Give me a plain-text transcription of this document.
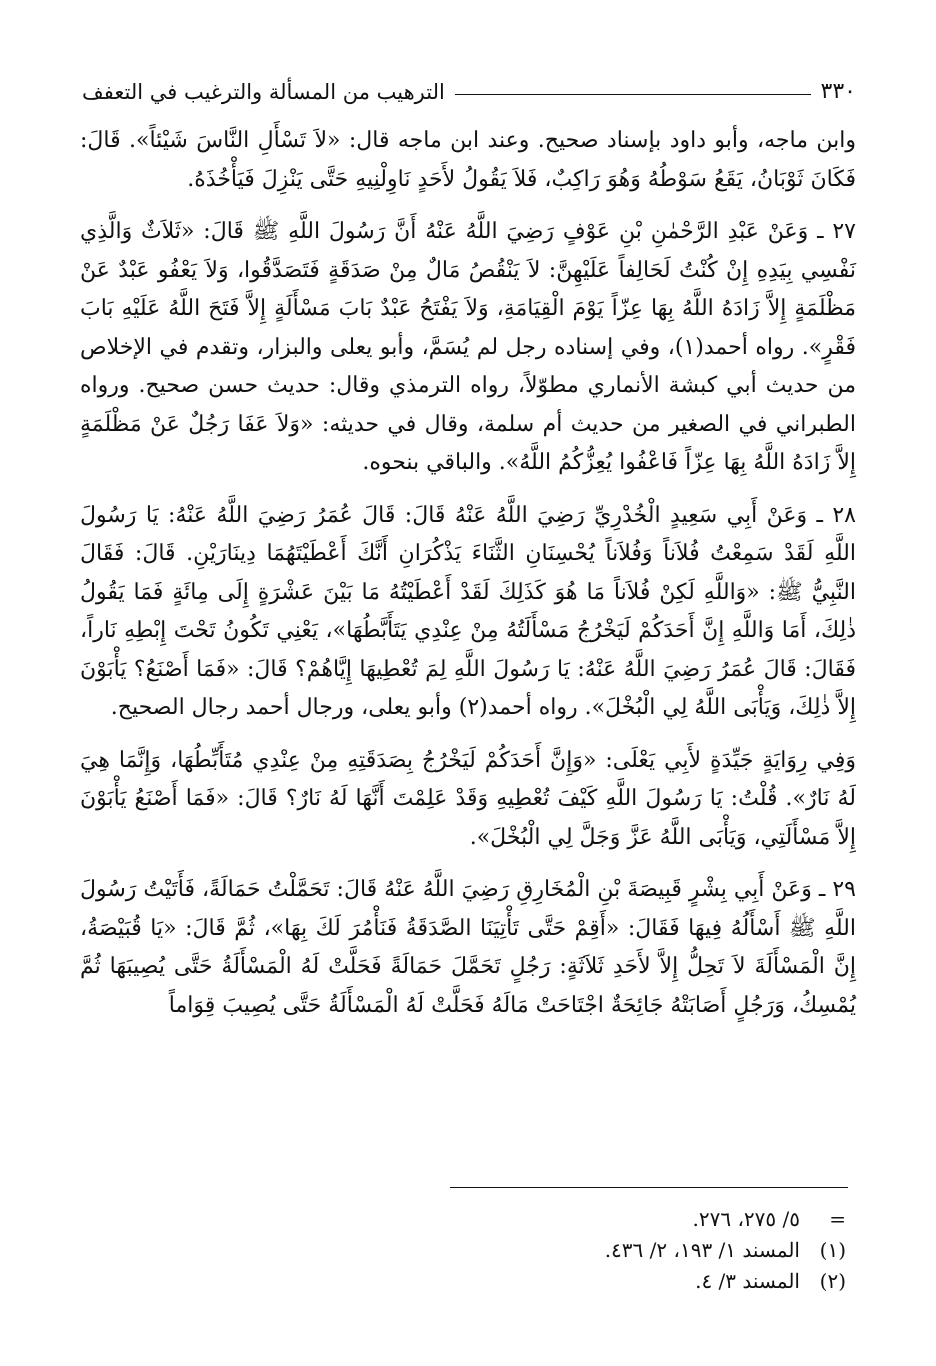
٣٣٠
الترهيب من المسألة والترغيب في التعفف

وابن ماجه، وأبو داود بإسناد صحيح. وعند ابن ماجه قال: «لاَ تَسْأَلِ النَّاسَ شَيْئاً». قَالَ: فَكَانَ ثَوْبَانُ، يَقَعُ سَوْطُهُ وَهُوَ رَاكِبٌ، فَلاَ يَقُولُ لأَحَدٍ نَاوِلْنِيهِ حَتَّى يَنْزِلَ فَيَأْخُذَهُ.

٢٧ ـ وَعَنْ عَبْدِ الرَّحْمٰنِ بْنِ عَوْفٍ رَضِيَ اللَّهُ عَنْهُ أَنَّ رَسُولَ اللَّهِ ﷺ قَالَ: «ثَلاَثٌ وَالَّذِي نَفْسِي بِيَدِهِ إِنْ كُنْتُ لَحَالِفاً عَلَيْهِنَّ: لاَ يَنْقُصُ مَالٌ مِنْ صَدَقَةٍ فَتَصَدَّقُوا، وَلاَ يَعْفُو عَبْدٌ عَنْ مَظْلَمَةٍ إِلاَّ زَادَهُ اللَّهُ بِهَا عِزّاً يَوْمَ الْقِيَامَةِ، وَلاَ يَفْتَحُ عَبْدٌ بَابَ مَسْأَلَةٍ إِلاَّ فَتَحَ اللَّهُ عَلَيْهِ بَابَ فَقْرٍ». رواه أحمد(١)، وفي إسناده رجل لم يُسَمَّ، وأبو يعلى والبزار، وتقدم في الإخلاص من حديث أبي كبشة الأنماري مطوّلاً، رواه الترمذي وقال: حديث حسن صحيح. ورواه الطبراني في الصغير من حديث أم سلمة، وقال في حديثه: «وَلاَ عَفَا رَجُلٌ عَنْ مَظْلَمَةٍ إِلاَّ زَادَهُ اللَّهُ بِهَا عِزّاً فَاعْفُوا يُعِزُّكُمُ اللَّهُ». والباقي بنحوه.

٢٨ ـ وَعَنْ أَبِي سَعِيدٍ الْخُدْرِيِّ رَضِيَ اللَّهُ عَنْهُ قَالَ: قَالَ عُمَرُ رَضِيَ اللَّهُ عَنْهُ: يَا رَسُولَ اللَّهِ لَقَدْ سَمِعْتُ فُلاَناً وَفُلاَناً يُحْسِنَانِ الثَّنَاءَ يَذْكُرَانِ أَنَّكَ أَعْطَيْتَهُمَا دِينَارَيْنِ. قَالَ: فَقَالَ النَّبِيُّ ﷺ: «وَاللَّهِ لَكِنْ فُلاَناً مَا هُوَ كَذَلِكَ لَقَدْ أَعْطَيْتُهُ مَا بَيْنَ عَشْرَةٍ إِلَى مِائَةٍ فَمَا يَقُولُ ذٰلِكَ، أَمَا وَاللَّهِ إِنَّ أَحَدَكُمْ لَيَخْرُجُ مَسْأَلَتُهُ مِنْ عِنْدِي يَتَأَبَّطُهَا»، يَعْنِي تَكُونُ تَحْتَ إِبْطِهِ نَاراً، فَقَالَ: قَالَ عُمَرُ رَضِيَ اللَّهُ عَنْهُ: يَا رَسُولَ اللَّهِ لِمَ تُعْطِيهَا إِيَّاهُمْ؟ قَالَ: «فَمَا أَصْنَعُ؟ يَأْبَوْنَ إِلاَّ ذٰلِكَ، وَيَأْبَى اللَّهُ لِي الْبُخْلَ». رواه أحمد(٢) وأبو يعلى، ورجال أحمد رجال الصحيح.

وَفِي رِوَايَةٍ جَيِّدَةٍ لأَبِي يَعْلَى: «وَإِنَّ أَحَدَكُمْ لَيَخْرُجُ بِصَدَقَتِهِ مِنْ عِنْدِي مُتَأَبِّطُهَا، وَإِنَّمَا هِيَ لَهُ نَارٌ». قُلْتُ: يَا رَسُولَ اللَّهِ كَيْفَ تُعْطِيهِ وَقَدْ عَلِمْتَ أَنَّهَا لَهُ نَارٌ؟ قَالَ: «فَمَا أَصْنَعُ يَأْبَوْنَ إِلاَّ مَسْأَلَتِي، وَيَأْبَى اللَّهُ عَزَّ وَجَلَّ لِي الْبُخْلَ».

٢٩ ـ وَعَنْ أَبِي بِشْرٍ قَبِيصَةَ بْنِ الْمُخَارِقِ رَضِيَ اللَّهُ عَنْهُ قَالَ: تَحَمَّلْتُ حَمَالَةً، فَأَتَيْتُ رَسُولَ اللَّهِ ﷺ أَسْأَلُهُ فِيهَا فَقَالَ: «أَقِمْ حَتَّى تَأْتِيَنَا الصَّدَقَةُ فَنَأْمُرَ لَكَ بِهَا»، ثُمَّ قَالَ: «يَا قُبَيْصَةُ، إِنَّ الْمَسْأَلَةَ لاَ تَحِلُّ إِلاَّ لأَحَدِ ثَلاَثَةٍ: رَجُلٍ تَحَمَّلَ حَمَالَةً فَحَلَّتْ لَهُ الْمَسْأَلَةُ حَتَّى يُصِيبَهَا ثُمَّ يُمْسِكُ، وَرَجُلٍ أَصَابَتْهُ جَائِحَةٌ اجْتَاحَتْ مَالَهُ فَحَلَّتْ لَهُ الْمَسْأَلَةُ حَتَّى يُصِيبَ قِوَاماً

=
٥/ ٢٧٥، ٢٧٦.
(١)
المسند ١/ ١٩٣، ٢/ ٤٣٦.
(٢)
المسند ٣/ ٤.
